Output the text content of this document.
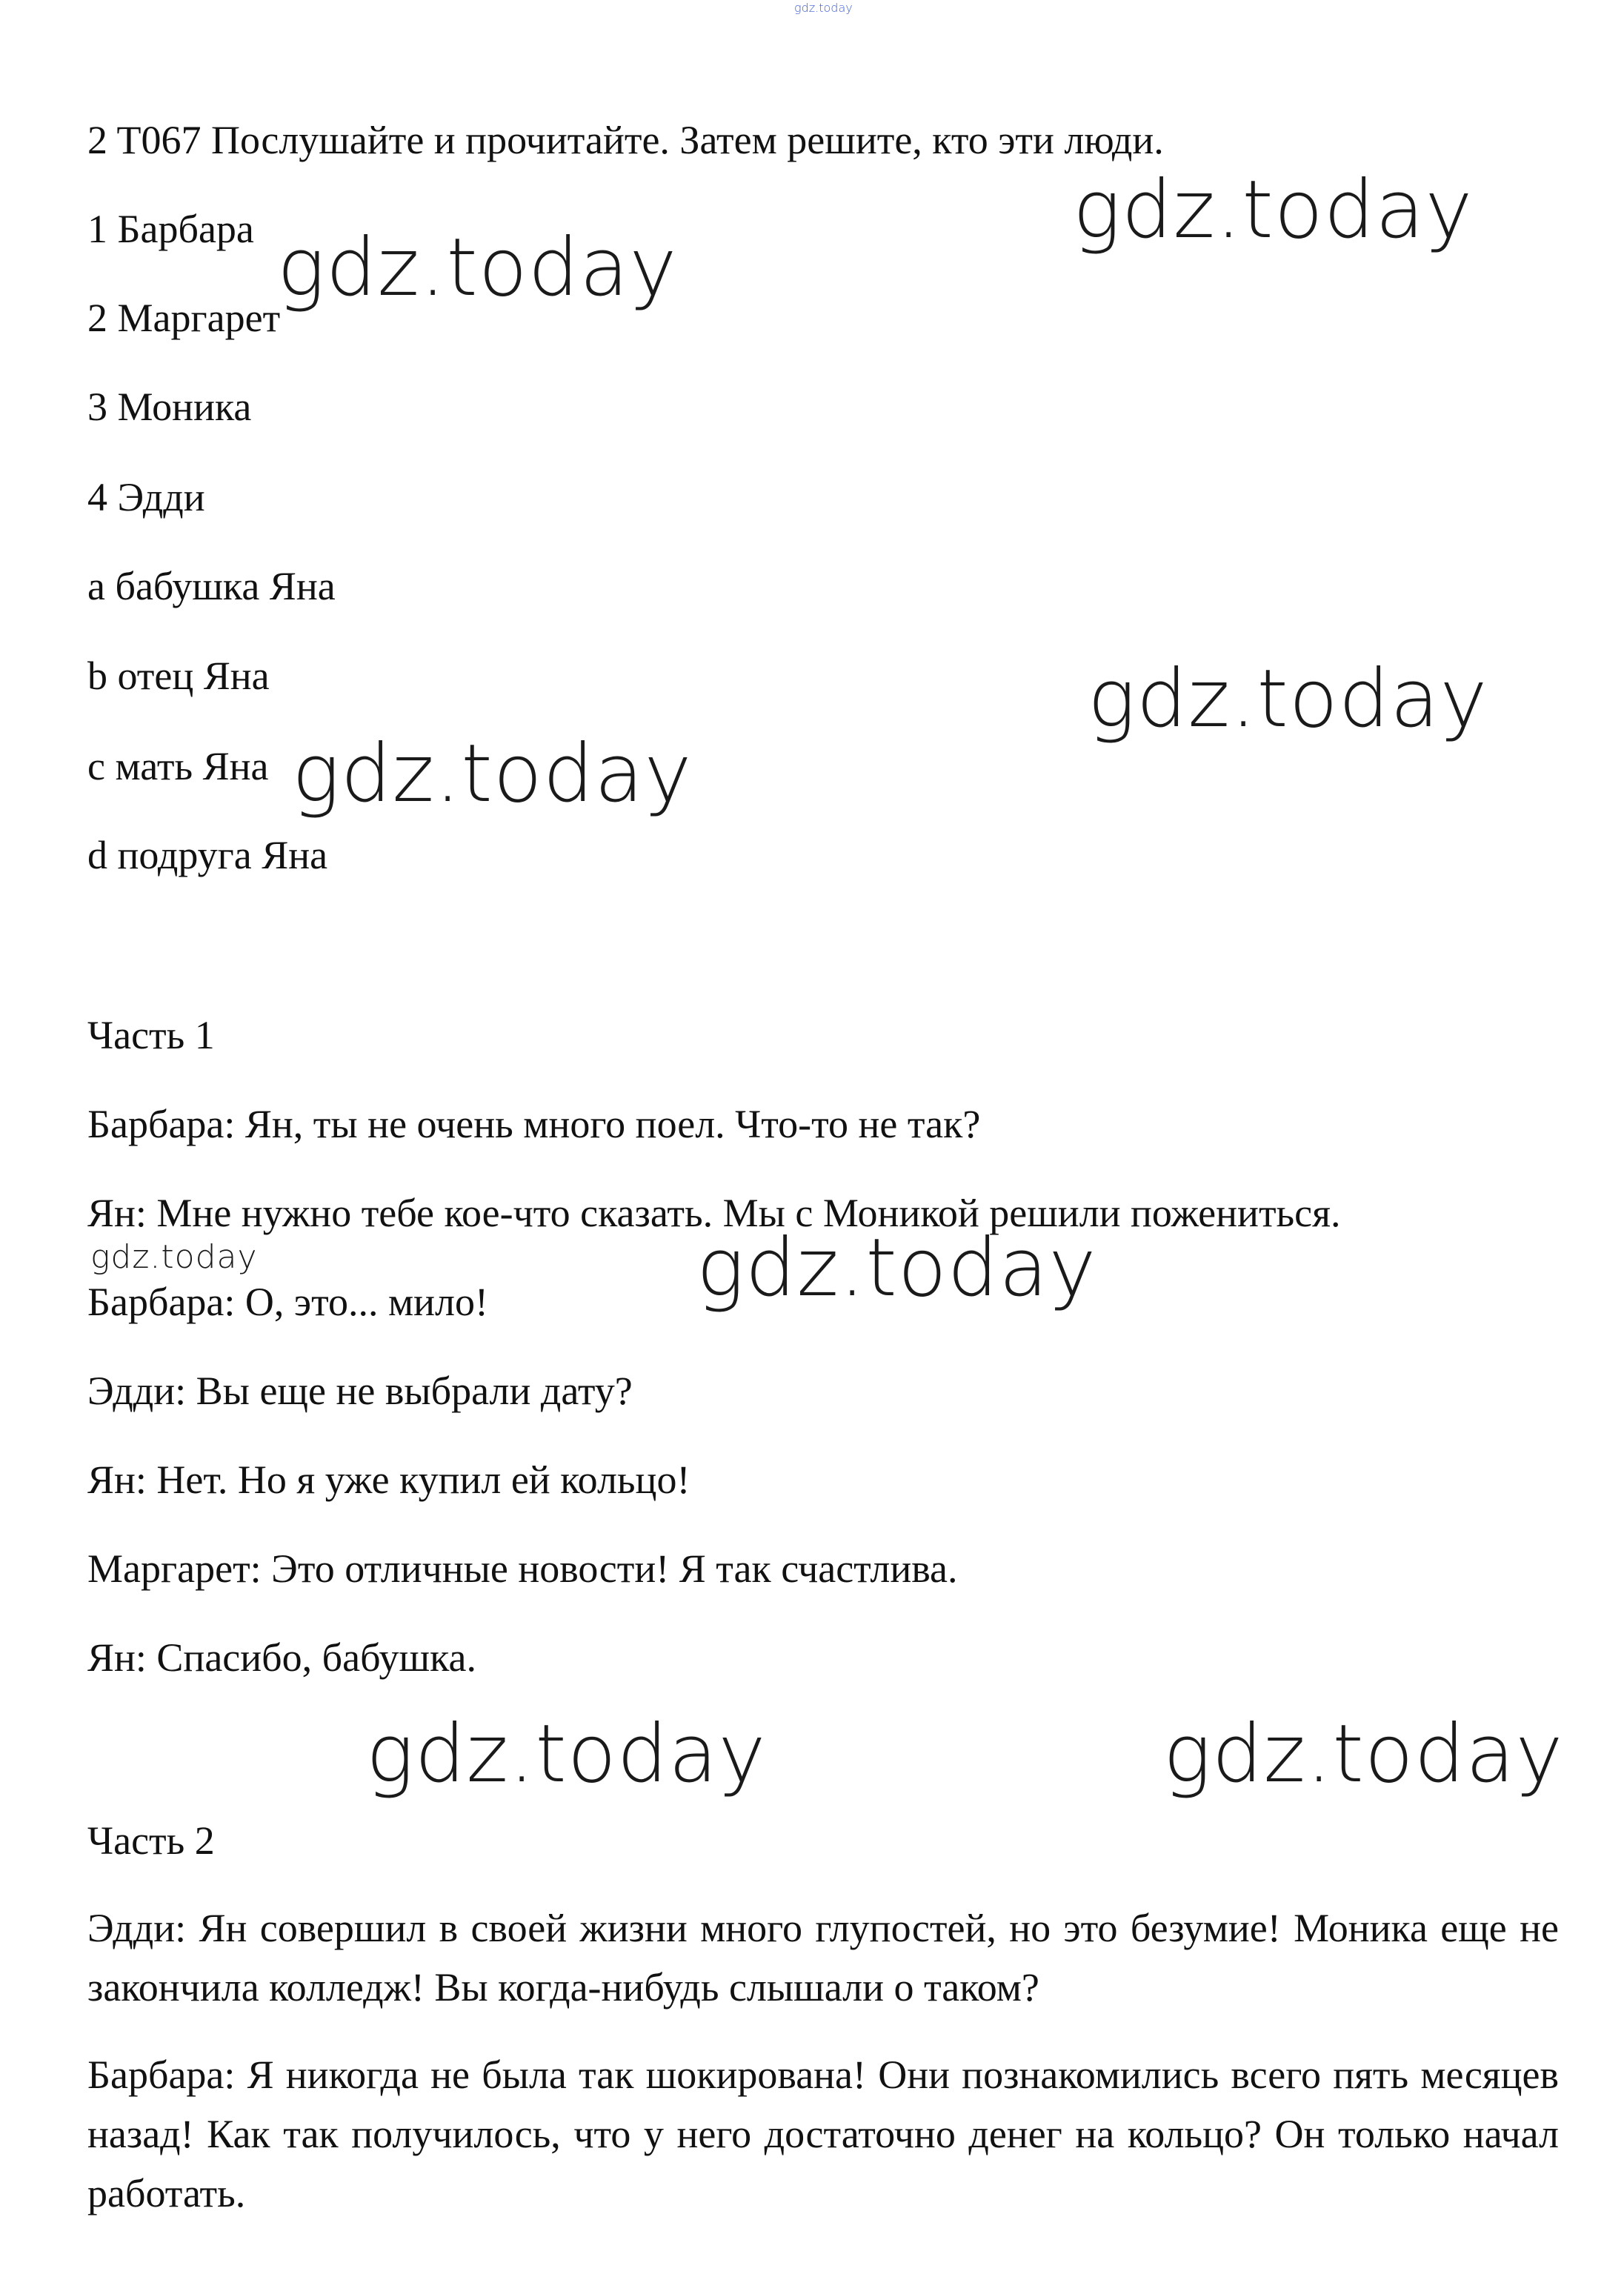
gdz.today
2 T067 Послушайте и прочитайте. Затем решите, кто эти люди.
1 Барбара
2 Маргарет
3 Моника
4 Эдди
a бабушка Яна
b отец Яна
c мать Яна
d подруга Яна
Часть 1
Барбара: Ян, ты не очень много поел. Что-то не так?
Ян: Мне нужно тебе кое-что сказать. Мы с Моникой решили пожениться.
Барбара: О, это... мило!
Эдди: Вы еще не выбрали дату?
Ян: Нет. Но я уже купил ей кольцо!
Маргарет: Это отличные новости! Я так счастлива.
Ян: Спасибо, бабушка.
Часть 2
Эдди: Ян совершил в своей жизни много глупостей, но это безумие! Моника еще не закончила колледж! Вы когда-нибудь слышали о таком?
Барбара: Я никогда не была так шокирована! Они познакомились всего пять месяцев назад! Как так получилось, что у него достаточно денег на кольцо? Он только начал работать.
gdz.today
gdz.today
gdz.today
gdz.today
gdz.today	gdz.today
gdz.today	gdz.today
